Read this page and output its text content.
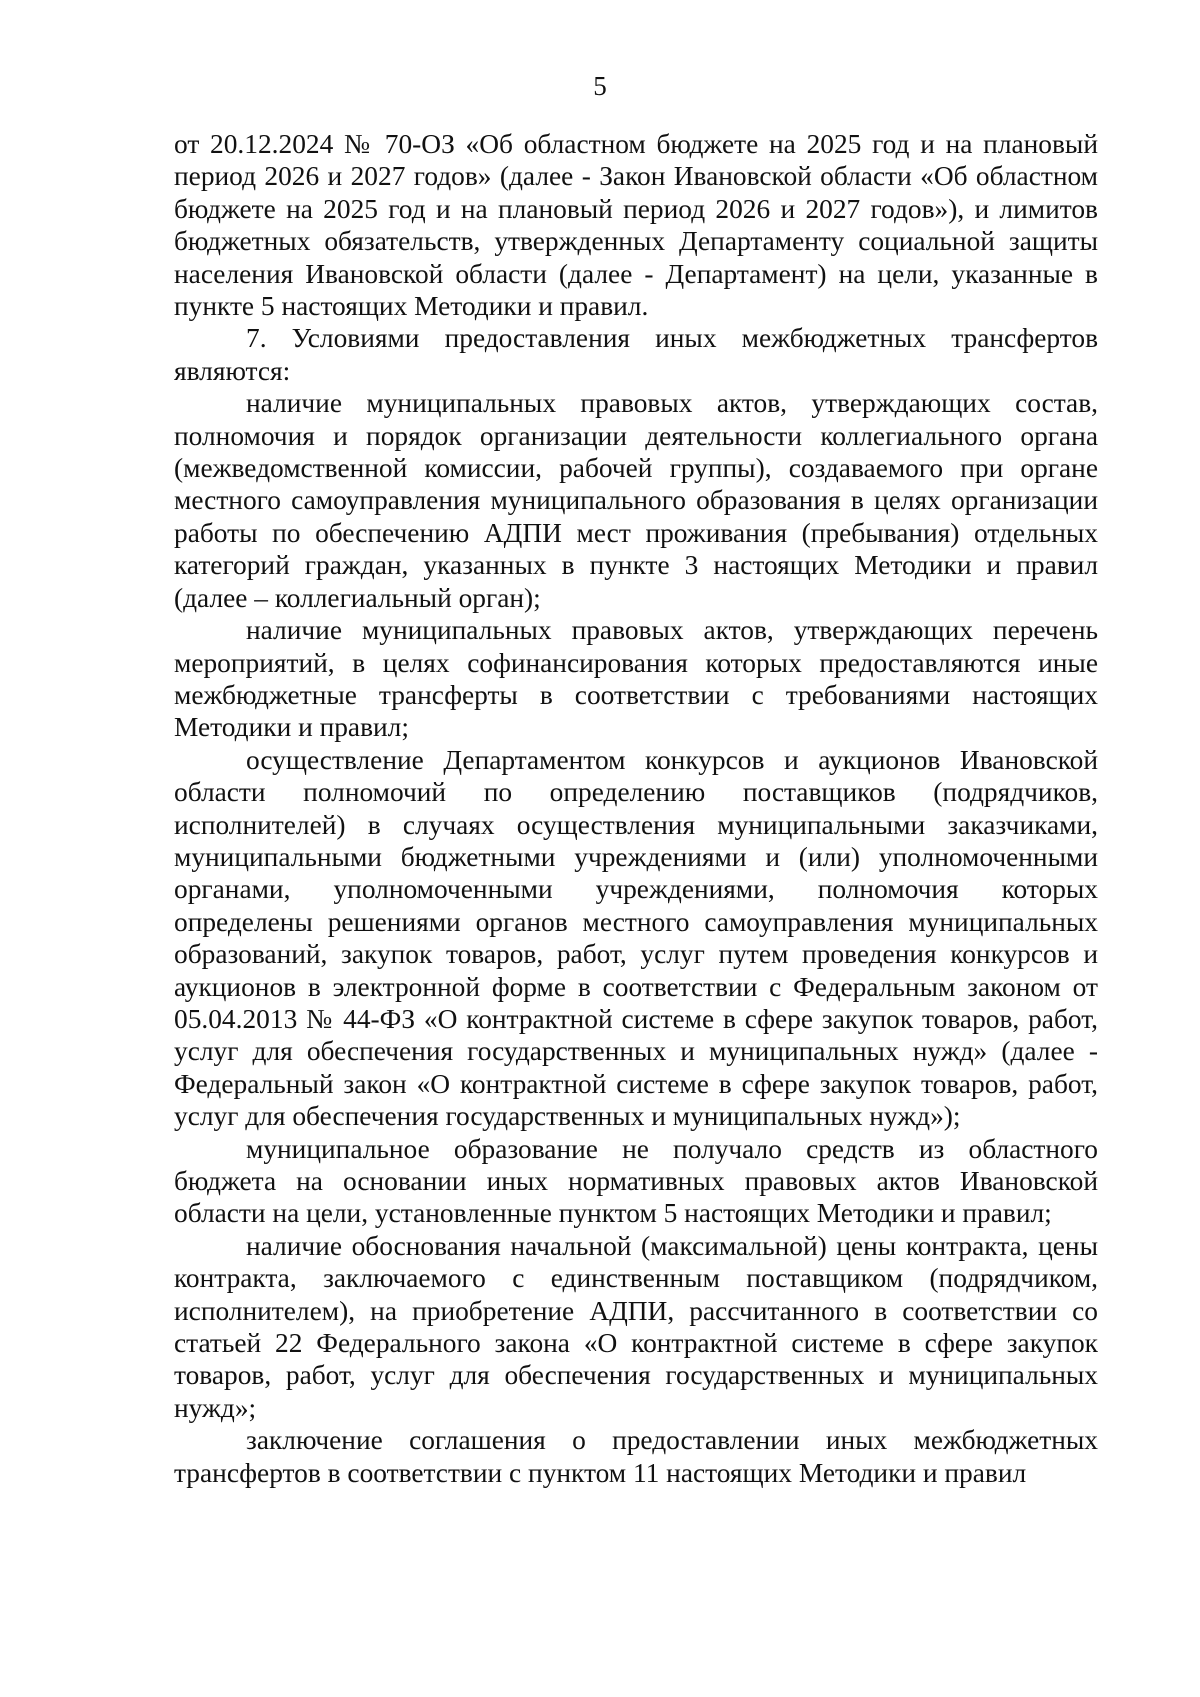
5

от 20.12.2024 № 70-ОЗ «Об областном бюджете на 2025 год и на плановый период 2026 и 2027 годов» (далее - Закон Ивановской области «Об областном бюджете на 2025 год и на плановый период 2026 и 2027 годов»), и лимитов бюджетных обязательств, утвержденных Департаменту социальной защиты населения Ивановской области (далее - Департамент) на цели, указанные в пункте 5 настоящих Методики и правил.

7. Условиями предоставления иных межбюджетных трансфертов являются:

наличие муниципальных правовых актов, утверждающих состав, полномочия и порядок организации деятельности коллегиального органа (межведомственной комиссии, рабочей группы), создаваемого при органе местного самоуправления муниципального образования в целях организации работы по обеспечению АДПИ мест проживания (пребывания) отдельных категорий граждан, указанных в пункте 3 настоящих Методики и правил (далее – коллегиальный орган);

наличие муниципальных правовых актов, утверждающих перечень мероприятий, в целях софинансирования которых предоставляются иные межбюджетные трансферты в соответствии с требованиями настоящих Методики и правил;

осуществление Департаментом конкурсов и аукционов Ивановской области полномочий по определению поставщиков (подрядчиков, исполнителей) в случаях осуществления муниципальными заказчиками, муниципальными бюджетными учреждениями и (или) уполномоченными органами, уполномоченными учреждениями, полномочия которых определены решениями органов местного самоуправления муниципальных образований, закупок товаров, работ, услуг путем проведения конкурсов и аукционов в электронной форме в соответствии с Федеральным законом от 05.04.2013 № 44-ФЗ «О контрактной системе в сфере закупок товаров, работ, услуг для обеспечения государственных и муниципальных нужд» (далее - Федеральный закон «О контрактной системе в сфере закупок товаров, работ, услуг для обеспечения государственных и муниципальных нужд»);

муниципальное образование не получало средств из областного бюджета на основании иных нормативных правовых актов Ивановской области на цели, установленные пунктом 5 настоящих Методики и правил;

наличие обоснования начальной (максимальной) цены контракта, цены контракта, заключаемого с единственным поставщиком (подрядчиком, исполнителем), на приобретение АДПИ, рассчитанного в соответствии со статьей 22 Федерального закона «О контрактной системе в сфере закупок товаров, работ, услуг для обеспечения государственных и муниципальных нужд»;

заключение соглашения о предоставлении иных межбюджетных трансфертов в соответствии с пунктом 11 настоящих Методики и правил
